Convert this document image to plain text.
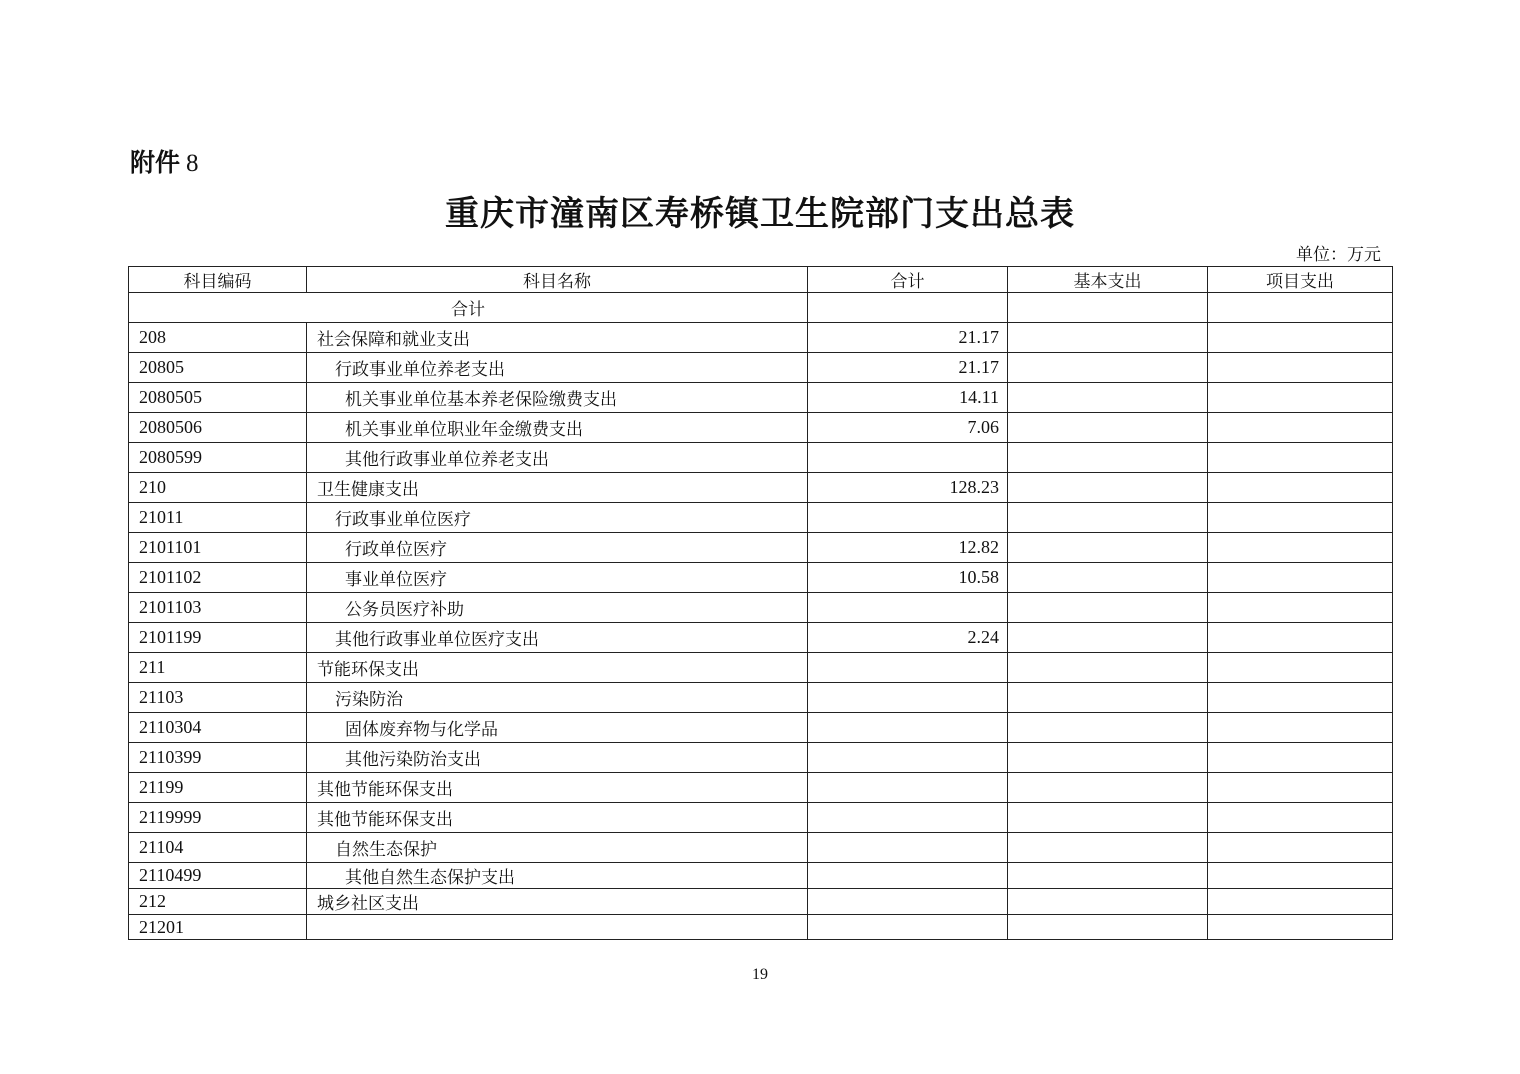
附件 8
重庆市潼南区寿桥镇卫生院部门支出总表
单位：万元
科目编码	科目名称	合计	基本支出	项目支出
合计				
208	社会保障和就业支出	21.17		
20805	行政事业单位养老支出	21.17		
2080505	机关事业单位基本养老保险缴费支出	14.11		
2080506	机关事业单位职业年金缴费支出	7.06		
2080599	其他行政事业单位养老支出			
210	卫生健康支出	128.23		
21011	行政事业单位医疗			
2101101	行政单位医疗	12.82		
2101102	事业单位医疗	10.58		
2101103	公务员医疗补助			
2101199	其他行政事业单位医疗支出	2.24		
211	节能环保支出			
21103	污染防治			
2110304	固体废弃物与化学品			
2110399	其他污染防治支出			
21199	其他节能环保支出			
2119999	其他节能环保支出			
21104	自然生态保护			
2110499	其他自然生态保护支出			
212	城乡社区支出			
21201				
19
